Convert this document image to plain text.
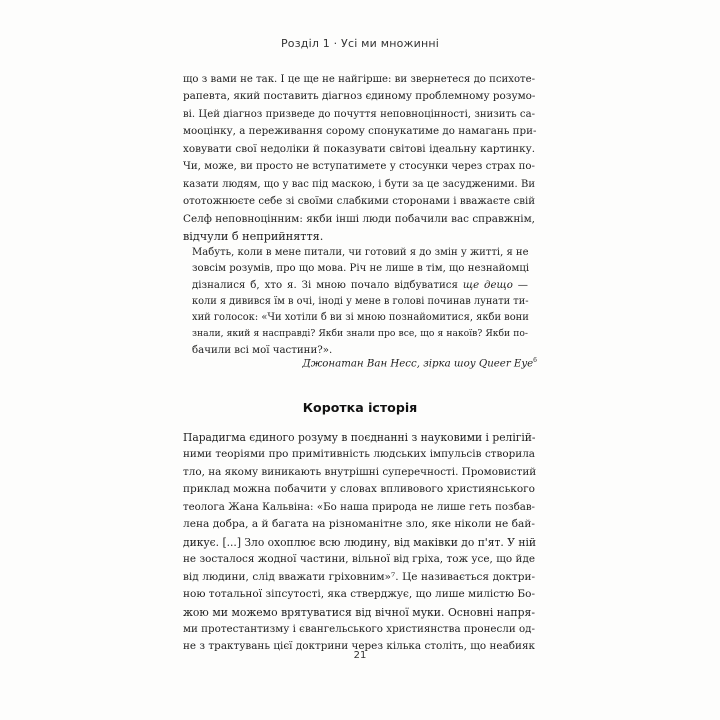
Розділ 1 · Усі ми множинні
що з вами не так. І це ще не найгірше: ви звернетеся до психоте-
рапевта, який поставить діагноз єдиному проблемному розумо-
ві. Цей діагноз призведе до почуття неповноцінності, знизить са-
мооцінку, а переживання сорому спонукатиме до намагань при-
ховувати свої недоліки й показувати світові ідеальну картинку.
Чи, може, ви просто не вступатимете у стосунки через страх по-
казати людям, що у вас під маскою, і бути за це засудженими. Ви
ототожнюєте себе зі своїми слабкими сторонами і вважаєте свій
Селф неповноцінним: якби інші люди побачили вас справжнім,
відчули б неприйняття.
Мабуть, коли в мене питали, чи готовий я до змін у житті, я не
зовсім розумів, про що мова. Річ не лише в тім, що незнайомці
дізналися б, хто я. Зі мною почало відбуватися ще дещо —
коли я дивився їм в очі, іноді у мене в голові починав лунати ти-
хий голосок: «Чи хотіли б ви зі мною познайомитися, якби вони
знали, який я насправді? Якби знали про все, що я накоїв? Якби по-
бачили всі мої частини?».
Джонатан Ван Несс, зірка шоу Queer Eye$^6$
Коротка історія
Парадигма єдиного розуму в поєднанні з науковими і релігій-
ними теоріями про примітивність людських імпульсів створила
тло, на якому виникають внутрішні суперечності. Промовистий
приклад можна побачити у словах впливового християнського
теолога Жана Кальвіна: «Бо наша природа не лише геть позбав-
лена добра, а й багата на різноманітне зло, яке ніколи не бай-
дикує. [...] Зло охоплює всю людину, від маківки до п'ят. У ній
не зосталося жодної частини, вільної від гріха, тож усе, що йде
від людини, слід вважати гріховним»⁷. Це називається доктри-
ною тотальної зіпсутості, яка стверджує, що лише милістю Бо-
жою ми можемо врятуватися від вічної муки. Основні напря-
ми протестантизму і євангельського християнства пронесли од-
не з трактувань цієї доктрини через кілька століть, що неабияк
21
